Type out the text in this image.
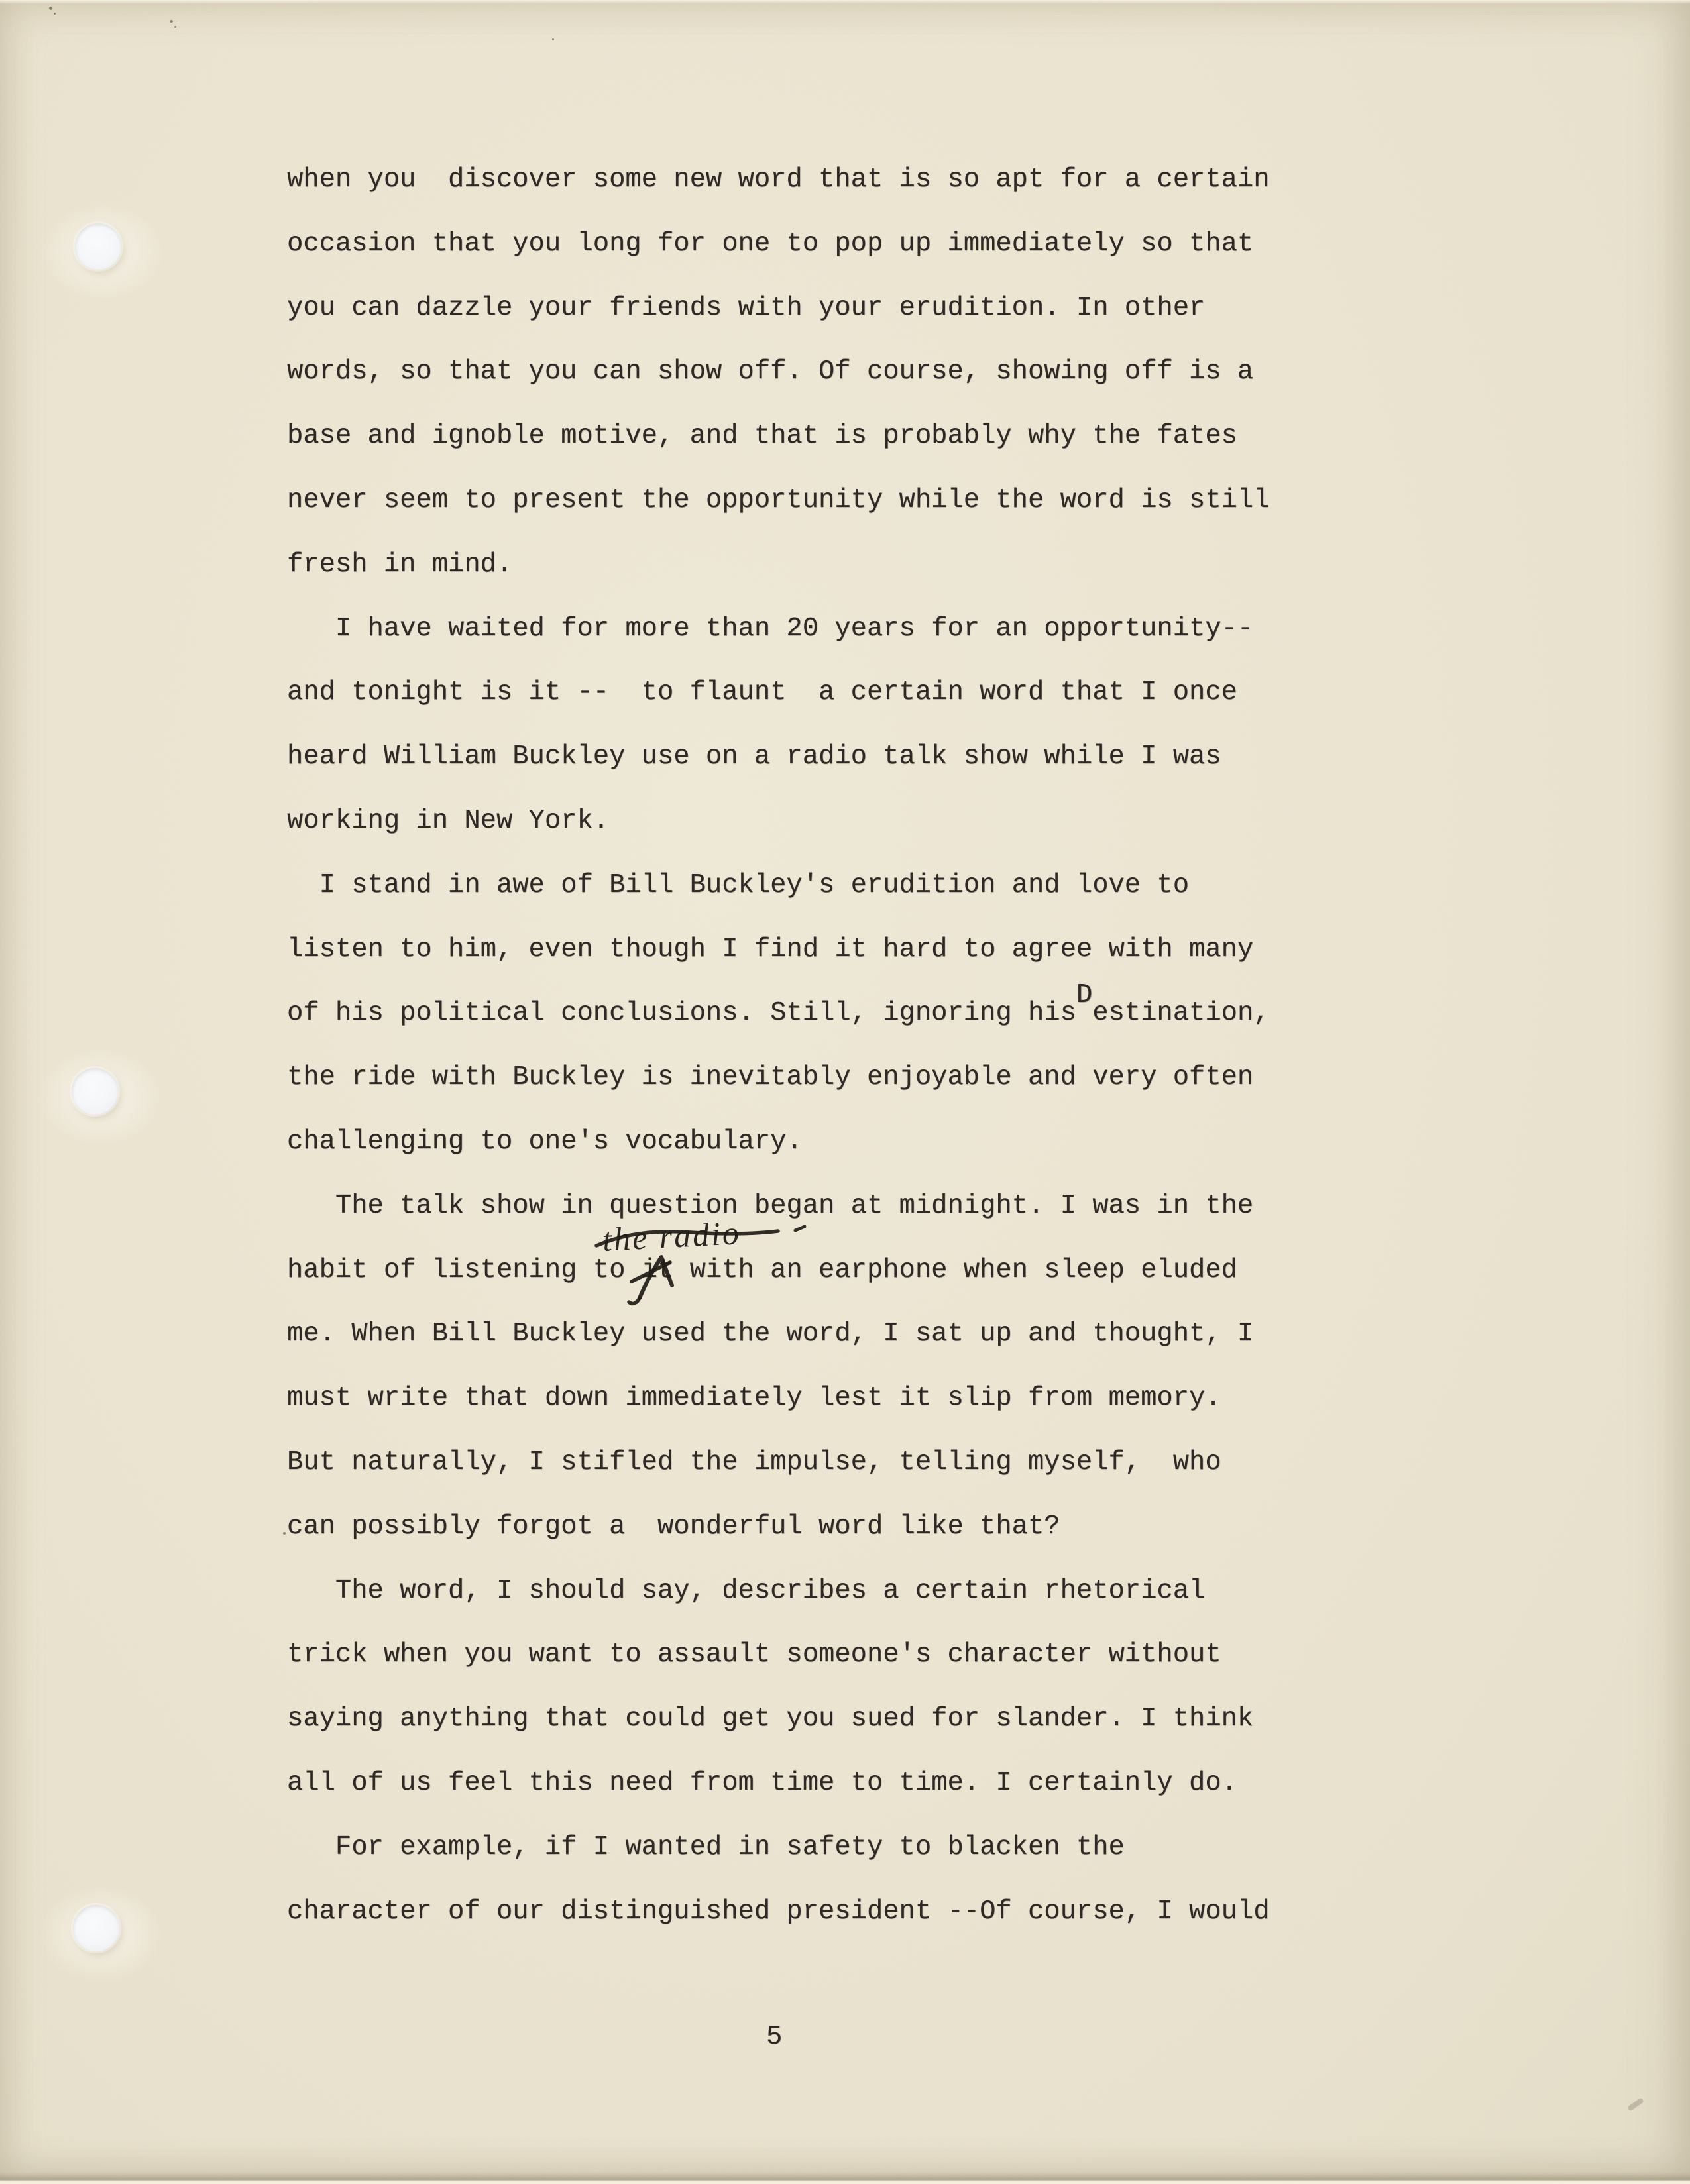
when you  discover some new word that is so apt for a certain
occasion that you long for one to pop up immediately so that
you can dazzle your friends with your erudition. In other
words, so that you can show off. Of course, showing off is a
base and ignoble motive, and that is probably why the fates
never seem to present the opportunity while the word is still
fresh in mind.
I have waited for more than 20 years for an opportunity--
and tonight is it --  to flaunt  a certain word that I once
heard William Buckley use on a radio talk show while I was
working in New York.
I stand in awe of Bill Buckley's erudition and love to
listen to him, even though I find it hard to agree with many
of his political conclusions. Still, ignoring hisDestination,
the ride with Buckley is inevitably enjoyable and very often
challenging to one's vocabulary.
The talk show in question began at midnight. I was in the
habit of listening to it with an earphone when sleep eluded
me. When Bill Buckley used the word, I sat up and thought, I
must write that down immediately lest it slip from memory.
But naturally, I stifled the impulse, telling myself,  who
can possibly forgot a  wonderful word like that?
The word, I should say, describes a certain rhetorical
trick when you want to assault someone's character without
saying anything that could get you sued for slander. I think
all of us feel this need from time to time. I certainly do.
For example, if I wanted in safety to blacken the
character of our distinguished president --Of course, I would
5
the radio
